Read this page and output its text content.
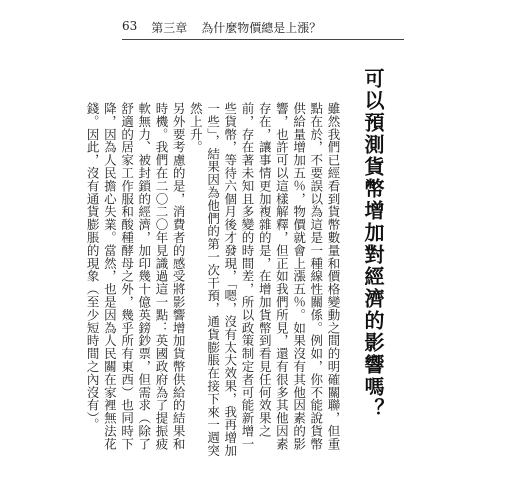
63 第三章 為什麼物價總是上漲？
可以預測貨幣增加對經濟的影響嗎？

雖然我們已經看到貨幣數量和價格變動之間的明確關聯，但重點在於，不要誤以為這是一種線性關係。例如，你不能說貨幣供給量增加五％，物價就會上漲五％。如果沒有其他因素的影響，也許可以這樣解釋，但正如我們所見，還有很多其他因素存在，讓事情更加複雜的是，在增加貨幣到看見任何效果之前，存在著未知且多變的時間差，所以政策制定者可能新增一些貨幣，等待六個月後才發現，「嗯，沒有太大效果，我再增加一些」，結果因為他們的第一次干預，通貨膨脹在接下來一週突然上升。

另外要考慮的是，消費者的感受將影響增加貨幣供給的結果和時機。我們在二〇二〇年見識過這一點：英國政府為了提振疲軟無力、被封鎖的經濟，加印幾十億英鎊鈔票，但需求（除了舒適的居家工作服和酸種酵母之外，幾乎所有東西）也同時下降，因為人民擔心失業。當然，也是因為人民關在家裡無法花錢。因此，沒有通貨膨脹的現象（至少短時間之內沒有）。
